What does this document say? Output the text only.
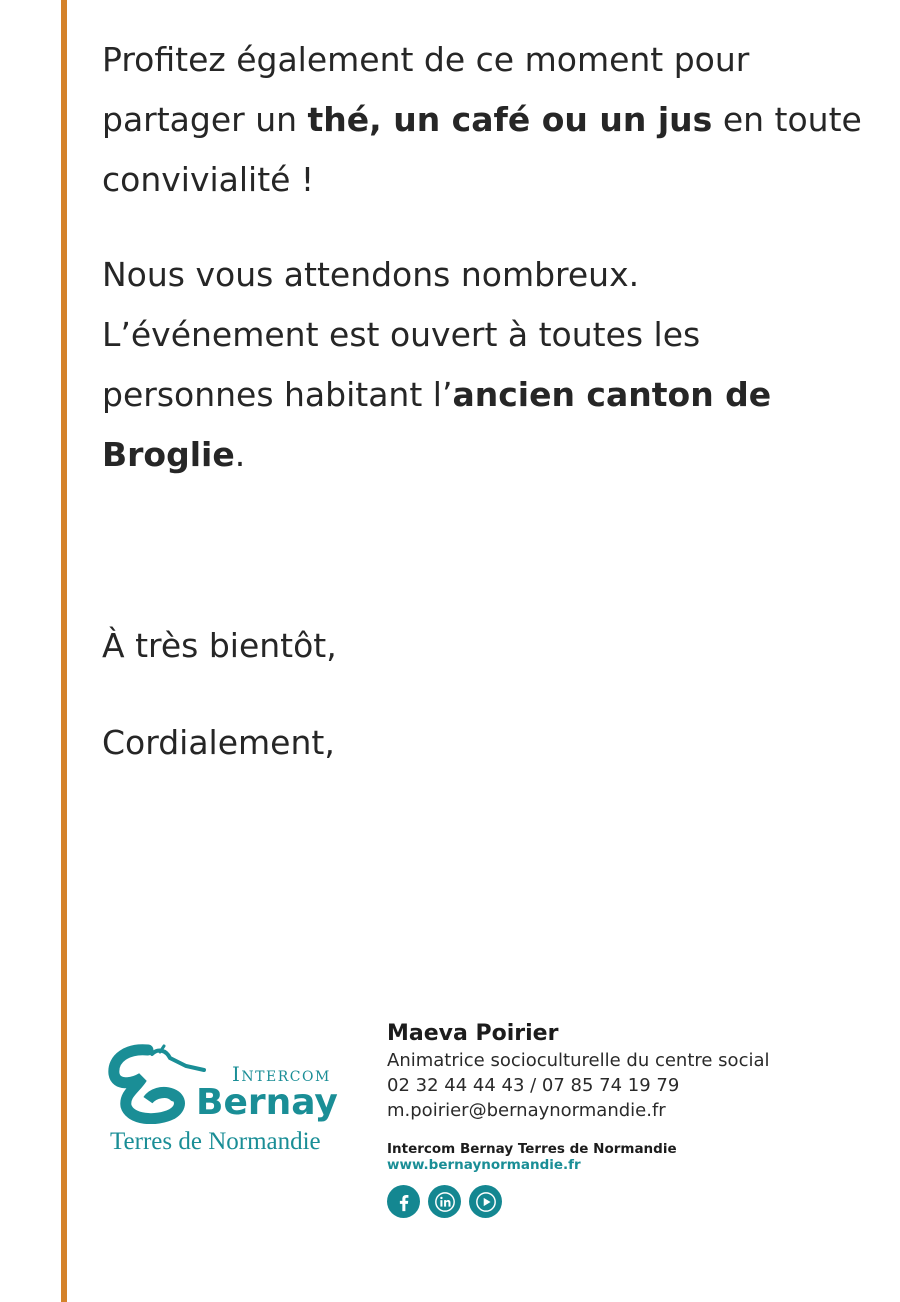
Profitez également de ce moment pour partager un thé, un café ou un jus en toute convivialité !

Nous vous attendons nombreux. L’événement est ouvert à toutes les personnes habitant l’ancien canton de Broglie.

À très bientôt,

Cordialement,

Intercom
Bernay
Terres de Normandie
Maeva Poirier
Animatrice socioculturelle du centre social
02 32 44 44 43 / 07 85 74 19 79
m.poirier@bernaynormandie.fr
Intercom Bernay Terres de Normandie
www.bernaynormandie.fr
